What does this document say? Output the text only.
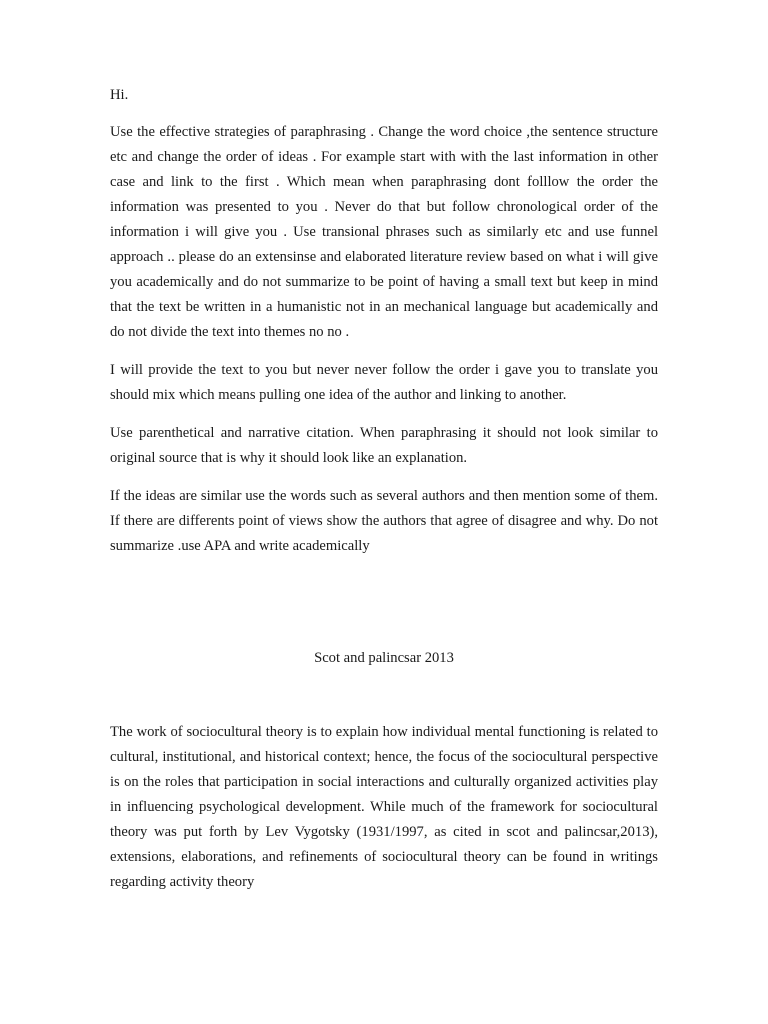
Hi.

Use the effective strategies of paraphrasing . Change the word choice ,the sentence structure etc and change the order of ideas . For example start with with the last information in other case and link to the first . Which mean when paraphrasing dont folllow the order the information was presented to you . Never do that but follow chronological order of the information i will give you . Use transional phrases such as similarly etc and use funnel approach .. please do an extensinse and elaborated literature review based on what i will give you academically and do not summarize to be point of having a small text but keep in mind that the text be written in a humanistic not in an mechanical language but academically and do not divide the text into themes no no .

I will provide the text to you but never never follow the order i gave you to translate you should mix which means pulling one idea of the author and linking to another.

Use parenthetical and narrative citation. When paraphrasing it should not look similar to original source that is why it should look like an explanation.

If the ideas are similar use the words such as several authors and then mention some of them. If there are differents point of views show the authors that agree of disagree and why. Do not summarize .use APA and write academically

Scot and palincsar 2013

The work of sociocultural theory is to explain how individual mental functioning is related to cultural, institutional, and historical context; hence, the focus of the sociocultural perspective is on the roles that participation in social interactions and culturally organized activities play in influencing psychological development. While much of the framework for sociocultural theory was put forth by Lev Vygotsky (1931/1997, as cited in scot and palincsar,2013), extensions, elaborations, and refinements of sociocultural theory can be found in writings regarding activity theory
